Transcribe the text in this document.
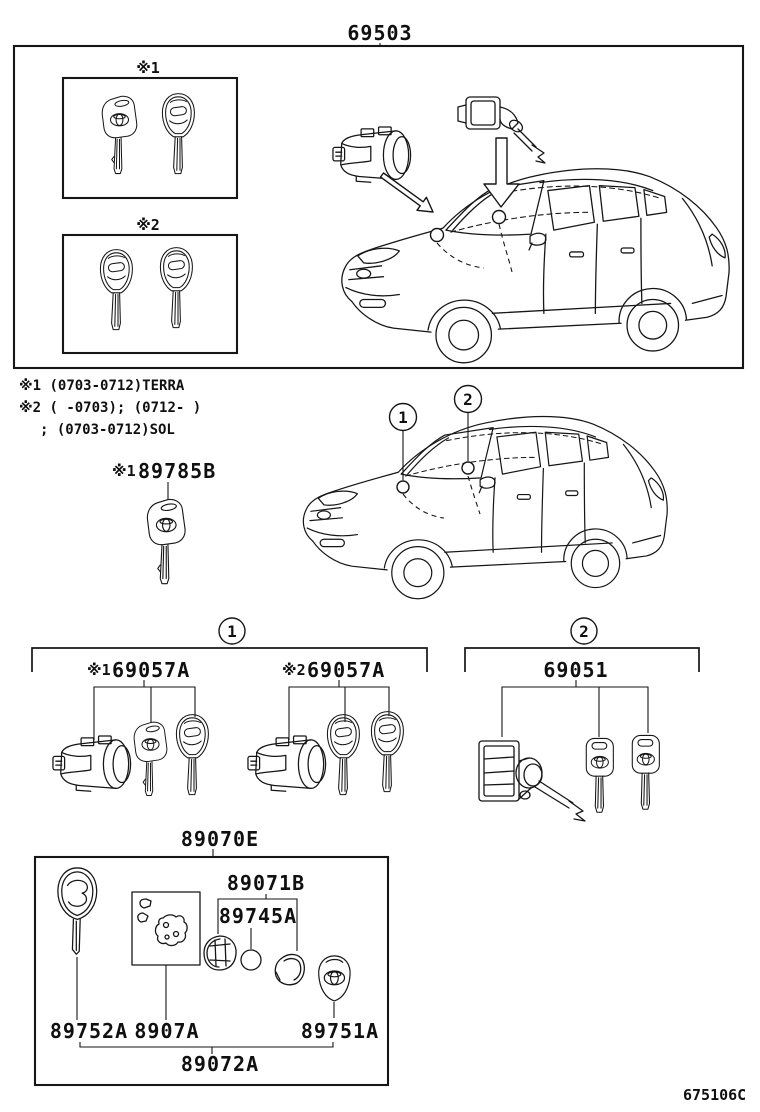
69503
※1
※2
※1 (0703-0712)TERRA
※2 ( -0703); (0712- )
; (0703-0712)SOL
※1 89785B
1
2
1
※1 69057A	※2 69057A
2
69051
89070E
89071B
89745A
89752A 8907A	89751A
89072A
675106C
